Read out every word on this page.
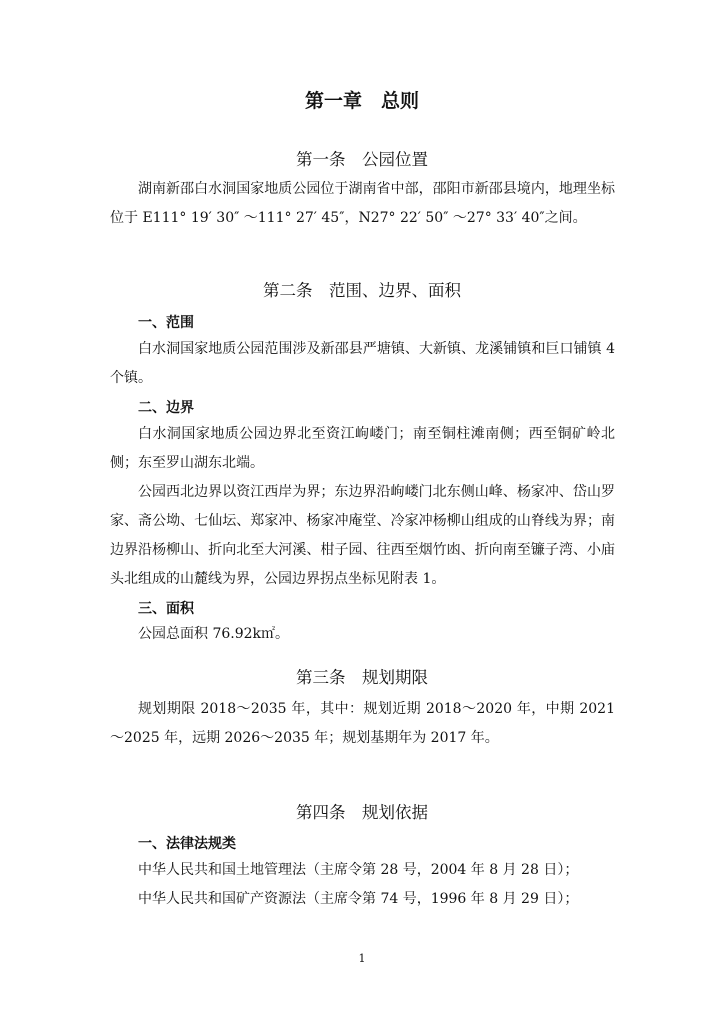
第一章　总则
第一条　公园位置
湖南新邵白水洞国家地质公园位于湖南省中部，邵阳市新邵县境内，地理坐标位于 E111° 19′ 30″ ～111° 27′ 45″，N27° 22′ 50″ ～27° 33′ 40″之间。
第二条　范围、边界、面积
一、范围
白水洞国家地质公园范围涉及新邵县严塘镇、大新镇、龙溪铺镇和巨口铺镇 4 个镇。
二、边界
白水洞国家地质公园边界北至资江岣嵝门；南至铜柱滩南侧；西至铜矿岭北侧；东至罗山湖东北端。
公园西北边界以资江西岸为界；东边界沿岣嵝门北东侧山峰、杨家冲、岱山罗家、斋公坳、七仙坛、郑家冲、杨家冲庵堂、冷家冲杨柳山组成的山脊线为界；南边界沿杨柳山、折向北至大河溪、柑子园、往西至烟竹凼、折向南至镰子湾、小庙头北组成的山麓线为界，公园边界拐点坐标见附表 1。
三、面积
公园总面积 76.92k㎡。
第三条　规划期限
规划期限 2018～2035 年，其中：规划近期 2018～2020 年，中期 2021～2025 年，远期 2026～2035 年；规划基期年为 2017 年。
第四条　规划依据
一、法律法规类
中华人民共和国土地管理法（主席令第 28 号，2004 年 8 月 28 日）；
中华人民共和国矿产资源法（主席令第 74 号，1996 年 8 月 29 日）；
1
